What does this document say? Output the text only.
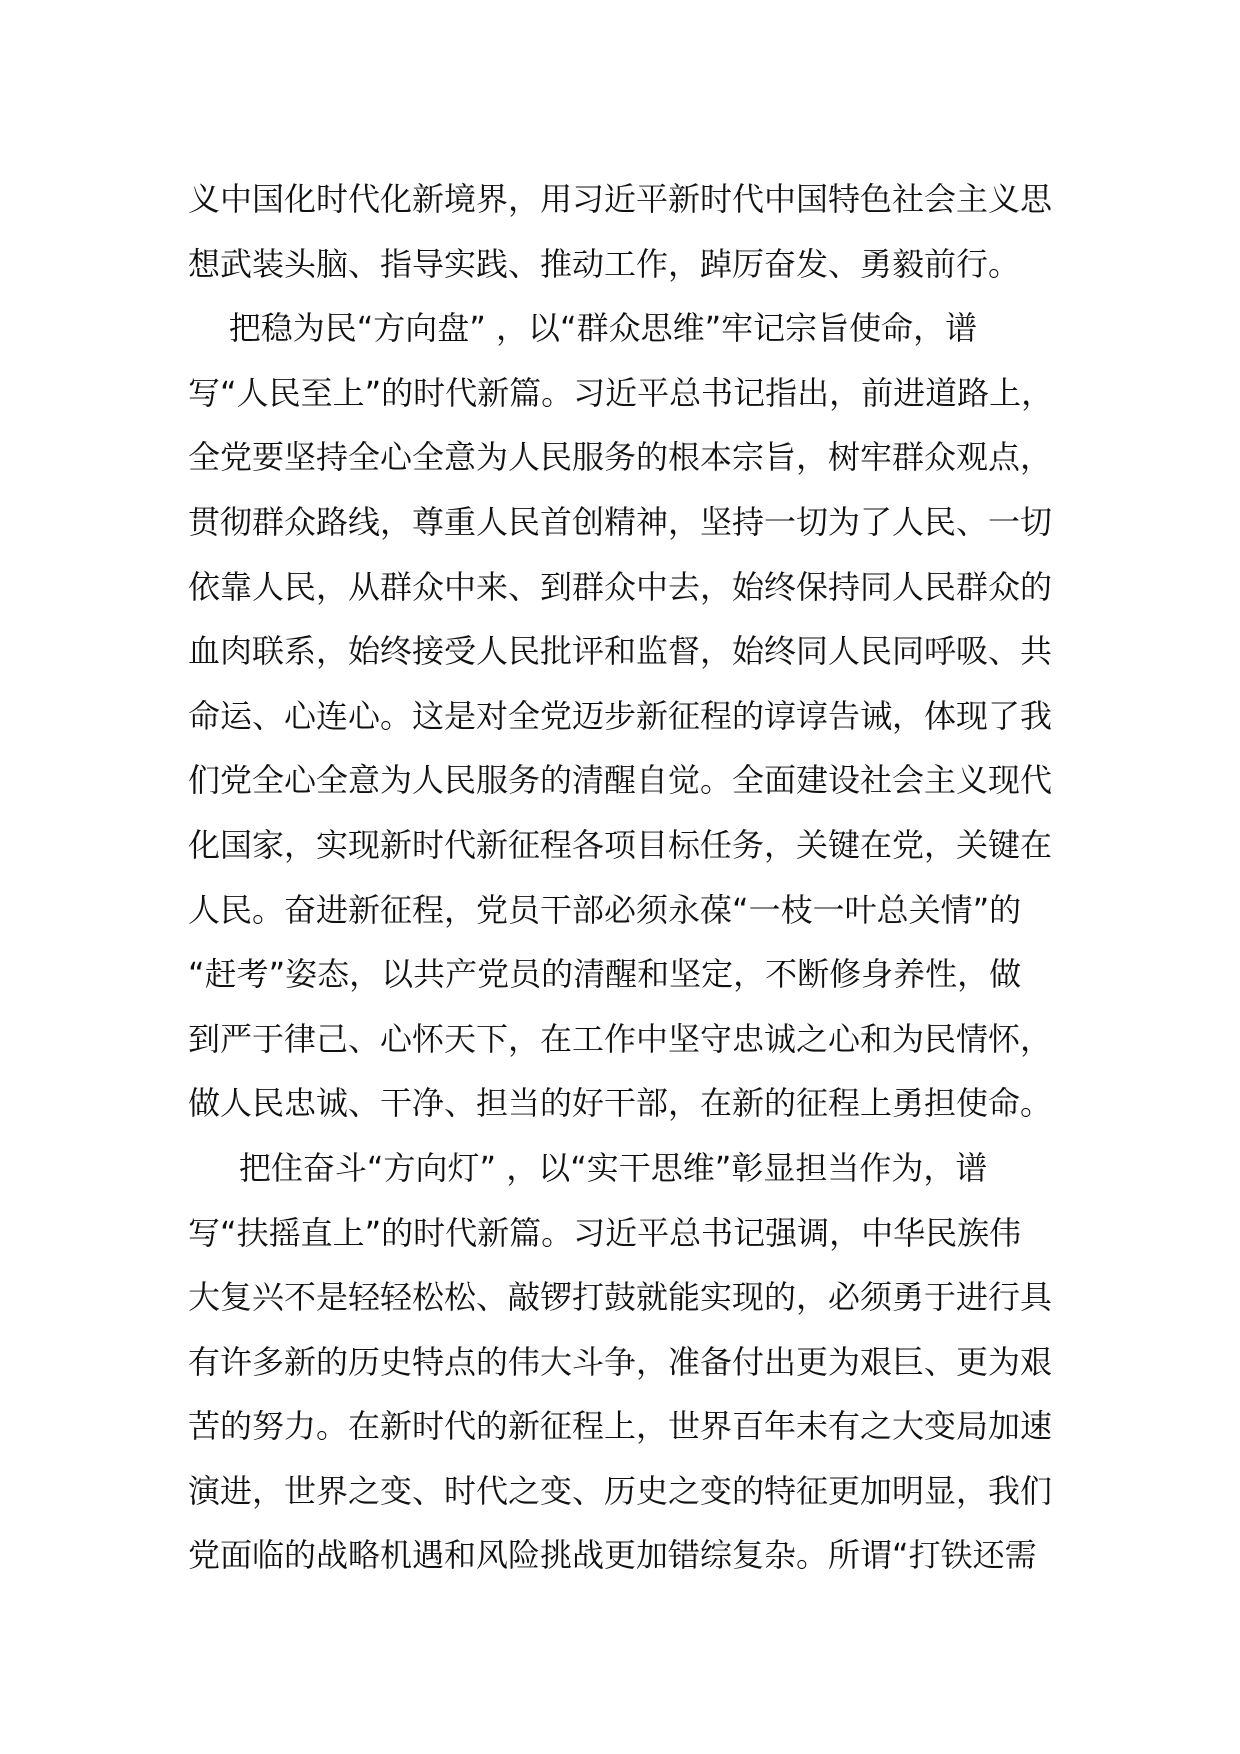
义中国化时代化新境界，用习近平新时代中国特色社会主义思
想武装头脑、指导实践、推动工作，踔厉奋发、勇毅前行。
把稳为民“方向盘” ，以“群众思维”牢记宗旨使命，谱
写“人民至上”的时代新篇。习近平总书记指出，前进道路上，
全党要坚持全心全意为人民服务的根本宗旨，树牢群众观点，
贯彻群众路线，尊重人民首创精神，坚持一切为了人民、一切
依靠人民，从群众中来、到群众中去，始终保持同人民群众的
血肉联系，始终接受人民批评和监督，始终同人民同呼吸、共
命运、心连心。这是对全党迈步新征程的谆谆告诫，体现了我
们党全心全意为人民服务的清醒自觉。全面建设社会主义现代
化国家，实现新时代新征程各项目标任务，关键在党，关键在
人民。奋进新征程，党员干部必须永葆“一枝一叶总关情”的
“赶考”姿态，以共产党员的清醒和坚定，不断修身养性，做
到严于律己、心怀天下，在工作中坚守忠诚之心和为民情怀，
做人民忠诚、干净、担当的好干部，在新的征程上勇担使命。
把住奋斗“方向灯” ，以“实干思维”彰显担当作为，谱
写“扶摇直上”的时代新篇。习近平总书记强调，中华民族伟
大复兴不是轻轻松松、敲锣打鼓就能实现的，必须勇于进行具
有许多新的历史特点的伟大斗争，准备付出更为艰巨、更为艰
苦的努力。在新时代的新征程上，世界百年未有之大变局加速
演进，世界之变、时代之变、历史之变的特征更加明显，我们
党面临的战略机遇和风险挑战更加错综复杂。所谓“打铁还需
